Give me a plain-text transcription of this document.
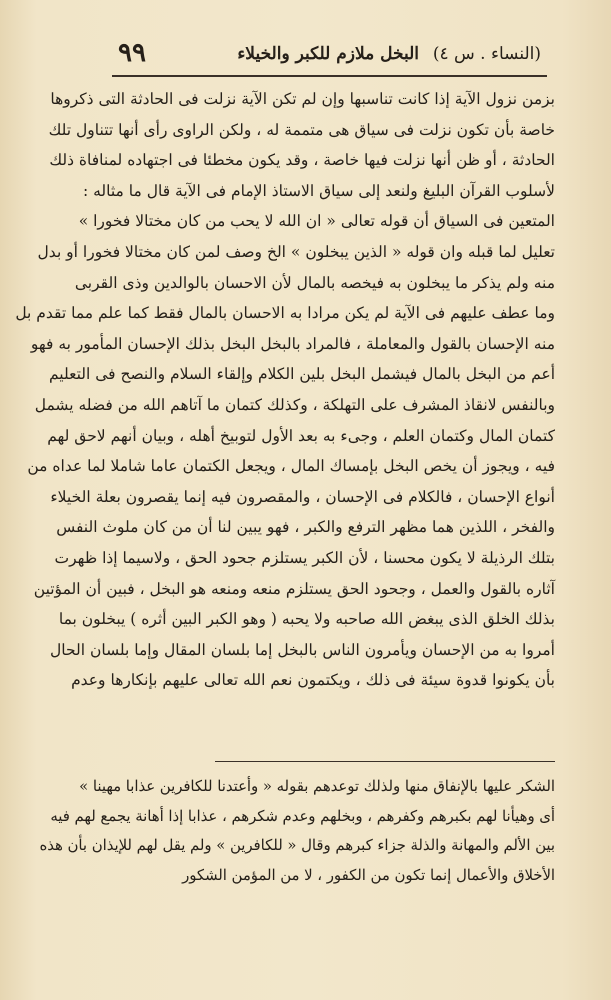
(النساء . س ٤)
البخل ملازم للكبر والخيلاء
٩٩
بزمن نزول الآية إذا كانت تناسبها وإن لم تكن الآية نزلت فى الحادثة التى ذكروها
خاصة بأن تكون نزلت فى سياق هى متممة له ، ولكن الراوى رأى أنها تتناول تلك
الحادثة ، أو ظن أنها نزلت فيها خاصة ، وقد يكون مخطئا فى اجتهاده لمنافاة ذلك
لأسلوب القرآن البليغ ولنعد إلى سياق الاستاذ الإمام فى الآية قال ما مثاله :
المتعين فى السياق أن قوله تعالى « ان الله لا يحب من كان مختالا فخورا »
تعليل لما قبله وان قوله « الذين يبخلون » الخ وصف لمن كان مختالا فخورا أو بدل
منه ولم يذكر ما يبخلون به فيخصه بالمال لأن الاحسان بالوالدين وذى القربى
وما عطف عليهم فى الآية لم يكن مرادا به الاحسان بالمال فقط كما علم مما تقدم بل
منه الإحسان بالقول والمعاملة ، فالمراد بالبخل البخل بذلك الإحسان المأمور به فهو
أعم من البخل بالمال فيشمل البخل بلين الكلام وإلقاء السلام والنصح فى التعليم
وبالنفس لانقاذ المشرف على التهلكة ، وكذلك كتمان ما آتاهم الله من فضله يشمل
كتمان المال وكتمان العلم ، وجىء به بعد الأول لتوبيخ أهله ، وبيان أنهم لاحق لهم
فيه ، ويجوز أن يخص البخل بإمساك المال ، ويجعل الكتمان عاما شاملا لما عداه من
أنواع الإحسان ، فالكلام فى الإحسان ، والمقصرون فيه إنما يقصرون بعلة الخيلاء
والفخر ، اللذين هما مظهر الترفع والكبر ، فهو يبين لنا أن من كان ملوث النفس
بتلك الرذيلة لا يكون محسنا ، لأن الكبر يستلزم جحود الحق ، ولاسيما إذا ظهرت
آثاره بالقول والعمل ، وجحود الحق يستلزم منعه ومنعه هو البخل ، فبين أن المؤتين
بذلك الخلق الذى يبغض الله صاحبه ولا يحبه ( وهو الكبر البين أثره ) يبخلون بما
أمروا به من الإحسان ويأمرون الناس بالبخل إما بلسان المقال وإما بلسان الحال
بأن يكونوا قدوة سيئة فى ذلك ، ويكتمون نعم الله تعالى عليهم بإنكارها وعدم
الشكر عليها بالإنفاق منها ولذلك توعدهم بقوله « وأعتدنا للكافرين عذابا مهينا »
أى وهيأنا لهم بكبرهم وكفرهم ، وبخلهم وعدم شكرهم ، عذابا إذا أهانة يجمع لهم فيه
بين الألم والمهانة والذلة جزاء كبرهم وقال « للكافرين » ولم يقل لهم للإيذان بأن هذه
الأخلاق والأعمال إنما تكون من الكفور ، لا من المؤمن الشكور
